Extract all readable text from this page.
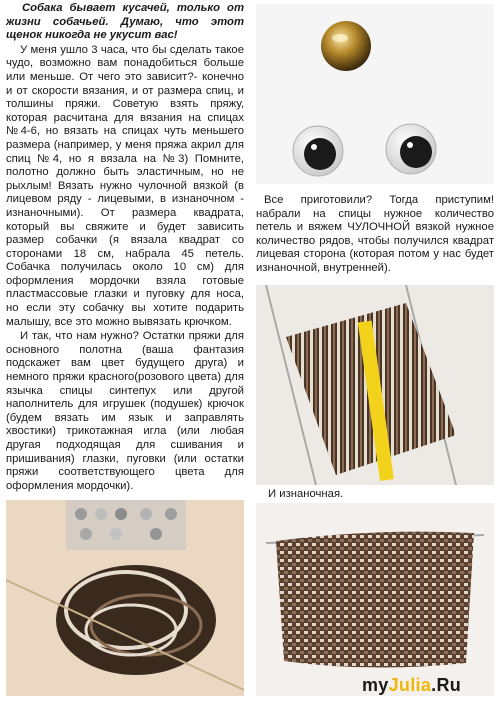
Собака бывает кусачей, только от жизни собачьей. Думаю, что этот щенок никогда не укусит вас!

У меня ушло 3 часа, что бы сделать такое чудо, возможно вам понадобиться больше или меньше. От чего это зависит?- конечно и от скорости вязания, и от размера спиц, и толшины пряжи. Советую взять пряжу, которая расчитана для вязания на спицах №4-6, но вязать на спицах чуть меньшего размера (например, у меня пряжа акрил для спиц №4, но я вязала на №3) Помните, полотно должно быть эластичным, но не рыхлым! Вязать нужно чулочной вязкой (в лицевом ряду - лицевыми, в изнаночном - изнаночными). От размера квадрата, который вы свяжите и будет зависить размер собачки (я вязала квадрат со сторонами 18 см, набрала 45 петель. Собачка получилась около 10 см) для оформления мордочки взяла готовые пластмассовые глазки и пуговку для носа, но если эту собачку вы хотите подарить малышу, все это можно вывязать крючком.

И так, что нам нужно? Остатки пряжи для основного полотна (ваша фантазия подскажет вам цвет будущего друга) и немного пряжи красного(розового цвета) для язычка спицы синтепух или другой наполнитель для игрушек (подушек) крючок (будем вязать им язык и заправлять хвостики) трикотажная игла (или любая другая подходящая для сшивания и пришивания) глазки, пуговки (или остатки пряжи соответствующего цвета для оформления мордочки).

Все приготовили? Тогда приступим! набрали на спицы нужное количество петель и вяжем ЧУЛОЧНОЙ вязкой нужное количество рядов, чтобы получился квадрат лицевая сторона (которая потом у нас будет изнаночной, внутренней).

И изнаночная.

myJulia.Ru
